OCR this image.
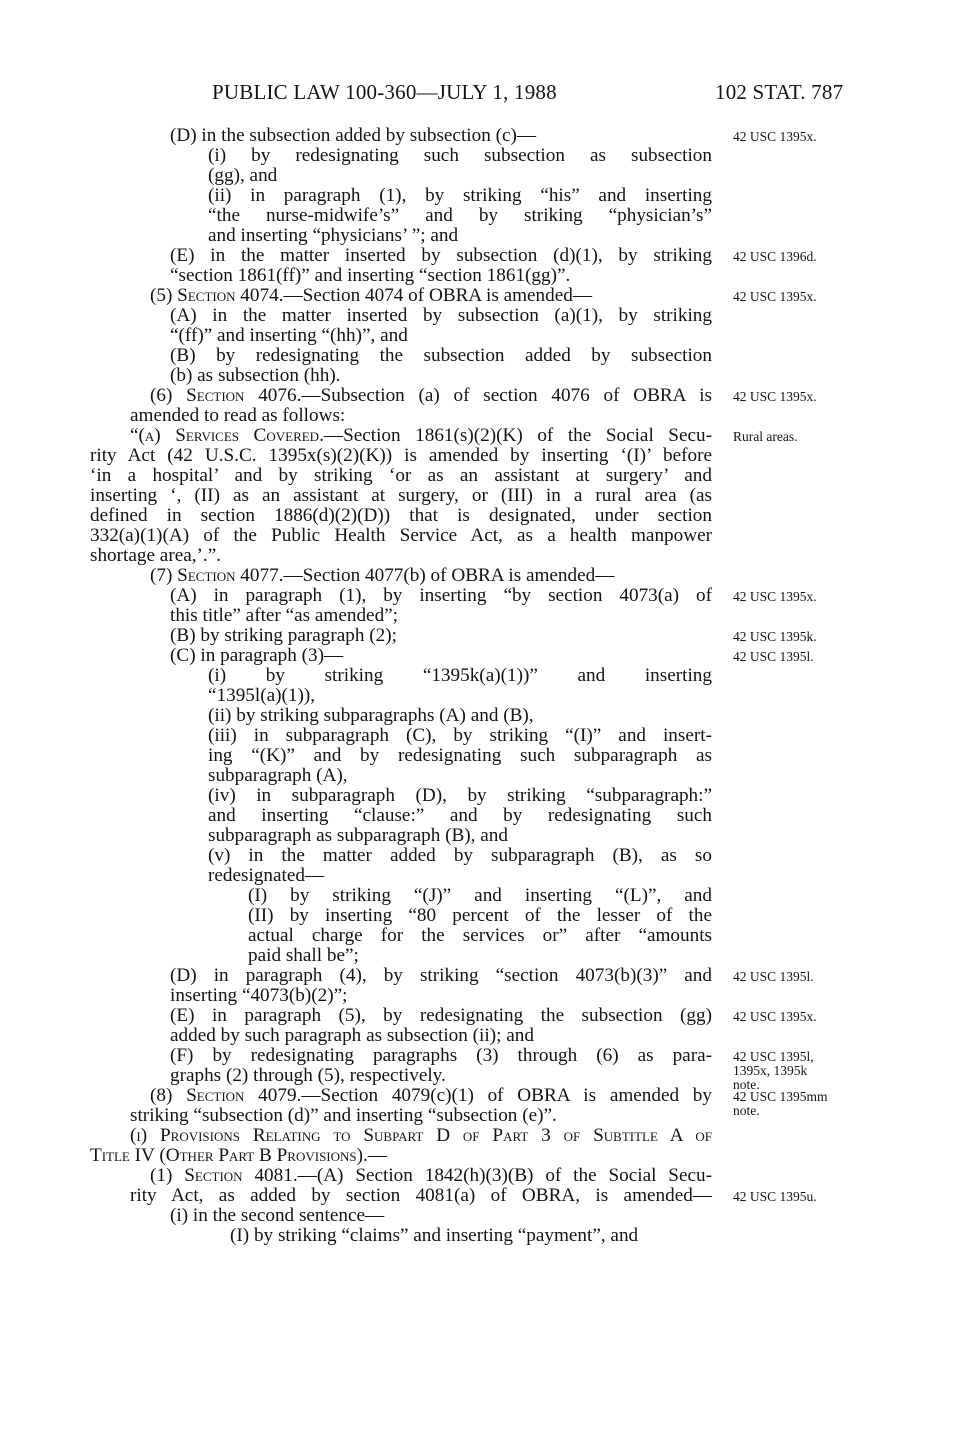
PUBLIC LAW 100-360—JULY 1, 1988	102 STAT. 787
(D) in the subsection added by subsection (c)—
(i) by redesignating such subsection as subsection
(gg), and
(ii) in paragraph (1), by striking “his” and inserting
“the nurse-midwife’s” and by striking “physician’s”
and inserting “physicians’ ”; and
(E) in the matter inserted by subsection (d)(1), by striking
“section 1861(ff)” and inserting “section 1861(gg)”.
(5) Section 4074.—Section 4074 of OBRA is amended—
(A) in the matter inserted by subsection (a)(1), by striking
“(ff)” and inserting “(hh)”, and
(B) by redesignating the subsection added by subsection
(b) as subsection (hh).
(6) Section 4076.—Subsection (a) of section 4076 of OBRA is
amended to read as follows:
“(a) Services Covered.—Section 1861(s)(2)(K) of the Social Secu-
rity Act (42 U.S.C. 1395x(s)(2)(K)) is amended by inserting ‘(I)’ before
‘in a hospital’ and by striking ‘or as an assistant at surgery’ and
inserting ‘, (II) as an assistant at surgery, or (III) in a rural area (as
defined in section 1886(d)(2)(D)) that is designated, under section
332(a)(1)(A) of the Public Health Service Act, as a health manpower
shortage area,’.”.
(7) Section 4077.—Section 4077(b) of OBRA is amended—
(A) in paragraph (1), by inserting “by section 4073(a) of
this title” after “as amended”;
(B) by striking paragraph (2);
(C) in paragraph (3)—
(i) by striking “1395k(a)(1))” and inserting
“1395l(a)(1)),
(ii) by striking subparagraphs (A) and (B),
(iii) in subparagraph (C), by striking “(I)” and insert-
ing “(K)” and by redesignating such subparagraph as
subparagraph (A),
(iv) in subparagraph (D), by striking “subparagraph:”
and inserting “clause:” and by redesignating such
subparagraph as subparagraph (B), and
(v) in the matter added by subparagraph (B), as so
redesignated—
(I) by striking “(J)” and inserting “(L)”, and
(II) by inserting “80 percent of the lesser of the
actual charge for the services or” after “amounts
paid shall be”;
(D) in paragraph (4), by striking “section 4073(b)(3)” and
inserting “4073(b)(2)”;
(E) in paragraph (5), by redesignating the subsection (gg)
added by such paragraph as subsection (ii); and
(F) by redesignating paragraphs (3) through (6) as para-
graphs (2) through (5), respectively.
(8) Section 4079.—Section 4079(c)(1) of OBRA is amended by
striking “subsection (d)” and inserting “subsection (e)”.
(i) Provisions Relating to Subpart D of Part 3 of Subtitle A of
Title IV (Other Part B Provisions).—
(1) Section 4081.—(A) Section 1842(h)(3)(B) of the Social Secu-
rity Act, as added by section 4081(a) of OBRA, is amended—
(i) in the second sentence—
(I) by striking “claims” and inserting “payment”, and
42 USC 1395x.
42 USC 1396d.
42 USC 1395x.
42 USC 1395x.
Rural areas.
42 USC 1395x.
42 USC 1395k.
42 USC 1395l.
42 USC 1395l.
42 USC 1395x.
42 USC 1395l,
1395x, 1395k
note.
42 USC 1395mm
note.
42 USC 1395u.
